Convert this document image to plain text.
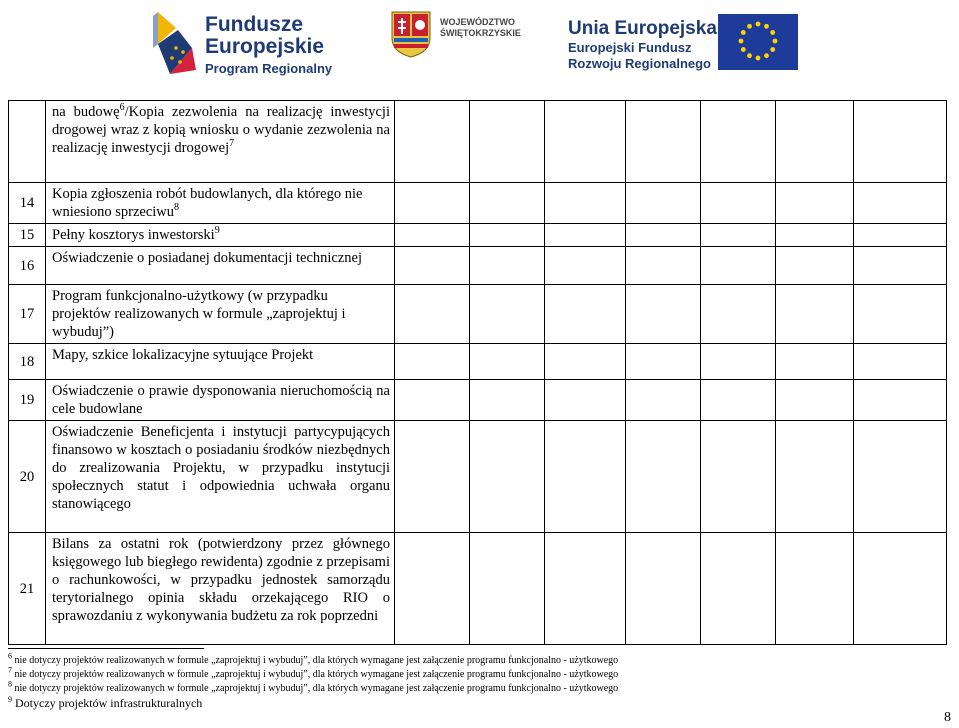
Fundusze
Europejskie
Program Regionalny
WOJEWÓDZTWO
ŚWIĘTOKRZYSKIE Unia Europejska
Europejski Fundusz
Rozwoju Regionalnego
	na budowę$^6$/Kopia zezwolenia na realizację inwestycji drogowej wraz z kopią wniosku o wydanie zezwolenia na realizację inwestycji drogowej$^7$							
14	Kopia zgłoszenia robót budowlanych, dla którego nie wniesiono sprzeciwu$^8$							
15	Pełny kosztorys inwestorski$^9$							
16	Oświadczenie o posiadanej dokumentacji technicznej							
17	Program funkcjonalno-użytkowy (w przypadku projektów realizowanych w formule „zaprojektuj i wybuduj”)							
18	Mapy, szkice lokalizacyjne sytuujące Projekt							
19	Oświadczenie o prawie dysponowania nieruchomością na cele budowlane							
20	Oświadczenie Beneficjenta i instytucji partycypujących finansowo w kosztach o posiadaniu środków niezbędnych do zrealizowania Projektu, w przypadku instytucji społecznych statut i odpowiednia uchwała organu stanowiącego							
21	Bilans za ostatni rok (potwierdzony przez głównego księgowego lub biegłego rewidenta) zgodnie z przepisami o rachunkowości, w przypadku jednostek samorządu terytorialnego opinia składu orzekającego RIO o sprawozdaniu z wykonywania budżetu za rok poprzedni							
$^6$ nie dotyczy projektów realizowanych w formule „zaprojektuj i wybuduj”, dla których wymagane jest załączenie programu funkcjonalno - użytkowego
$^7$ nie dotyczy projektów realizowanych w formule „zaprojektuj i wybuduj”, dla których wymagane jest załączenie programu funkcjonalno - użytkowego
$^8$ nie dotyczy projektów realizowanych w formule „zaprojektuj i wybuduj”, dla których wymagane jest załączenie programu funkcjonalno - użytkowego
$^9$ Dotyczy projektów infrastrukturalnych
8
